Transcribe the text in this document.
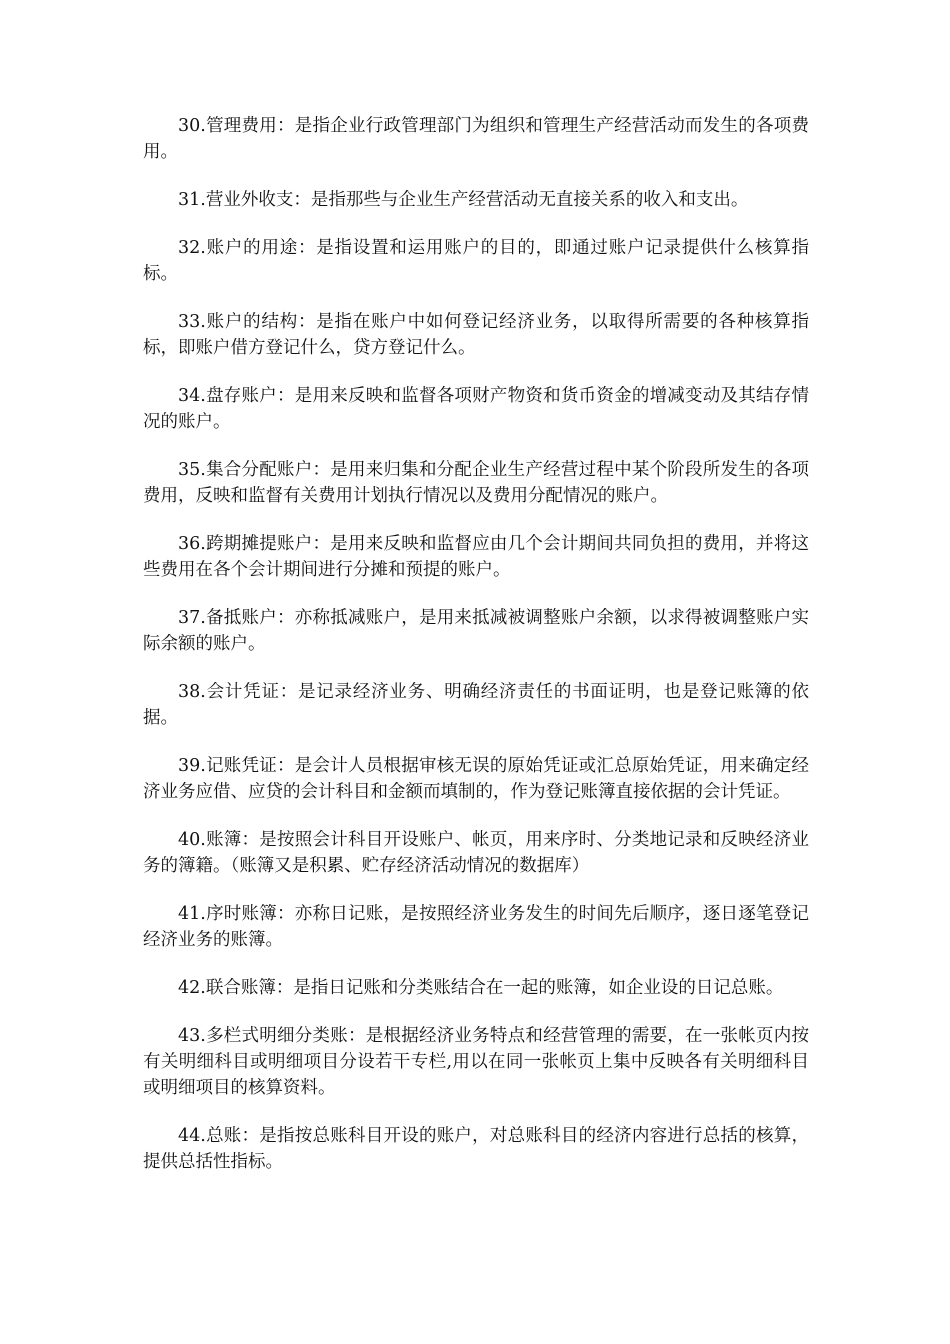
30.管理费用：是指企业行政管理部门为组织和管理生产经营活动而发生的各项费用。

31.营业外收支：是指那些与企业生产经营活动无直接关系的收入和支出。

32.账户的用途：是指设置和运用账户的目的，即通过账户记录提供什么核算指标。

33.账户的结构：是指在账户中如何登记经济业务，以取得所需要的各种核算指标，即账户借方登记什么，贷方登记什么。

34.盘存账户：是用来反映和监督各项财产物资和货币资金的增减变动及其结存情况的账户。

35.集合分配账户：是用来归集和分配企业生产经营过程中某个阶段所发生的各项费用，反映和监督有关费用计划执行情况以及费用分配情况的账户。

36.跨期摊提账户：是用来反映和监督应由几个会计期间共同负担的费用，并将这些费用在各个会计期间进行分摊和预提的账户。

37.备抵账户：亦称抵减账户，是用来抵减被调整账户余额，以求得被调整账户实际余额的账户。

38.会计凭证：是记录经济业务、明确经济责任的书面证明，也是登记账簿的依据。

39.记账凭证：是会计人员根据审核无误的原始凭证或汇总原始凭证，用来确定经济业务应借、应贷的会计科目和金额而填制的，作为登记账簿直接依据的会计凭证。

40.账簿：是按照会计科目开设账户、帐页，用来序时、分类地记录和反映经济业务的簿籍。（账簿又是积累、贮存经济活动情况的数据库）

41.序时账簿：亦称日记账，是按照经济业务发生的时间先后顺序，逐日逐笔登记经济业务的账簿。

42.联合账簿：是指日记账和分类账结合在一起的账簿，如企业设的日记总账。

43.多栏式明细分类账：是根据经济业务特点和经营管理的需要，在一张帐页内按有关明细科目或明细项目分设若干专栏,用以在同一张帐页上集中反映各有关明细科目或明细项目的核算资料。

44.总账：是指按总账科目开设的账户，对总账科目的经济内容进行总括的核算，提供总括性指标。
